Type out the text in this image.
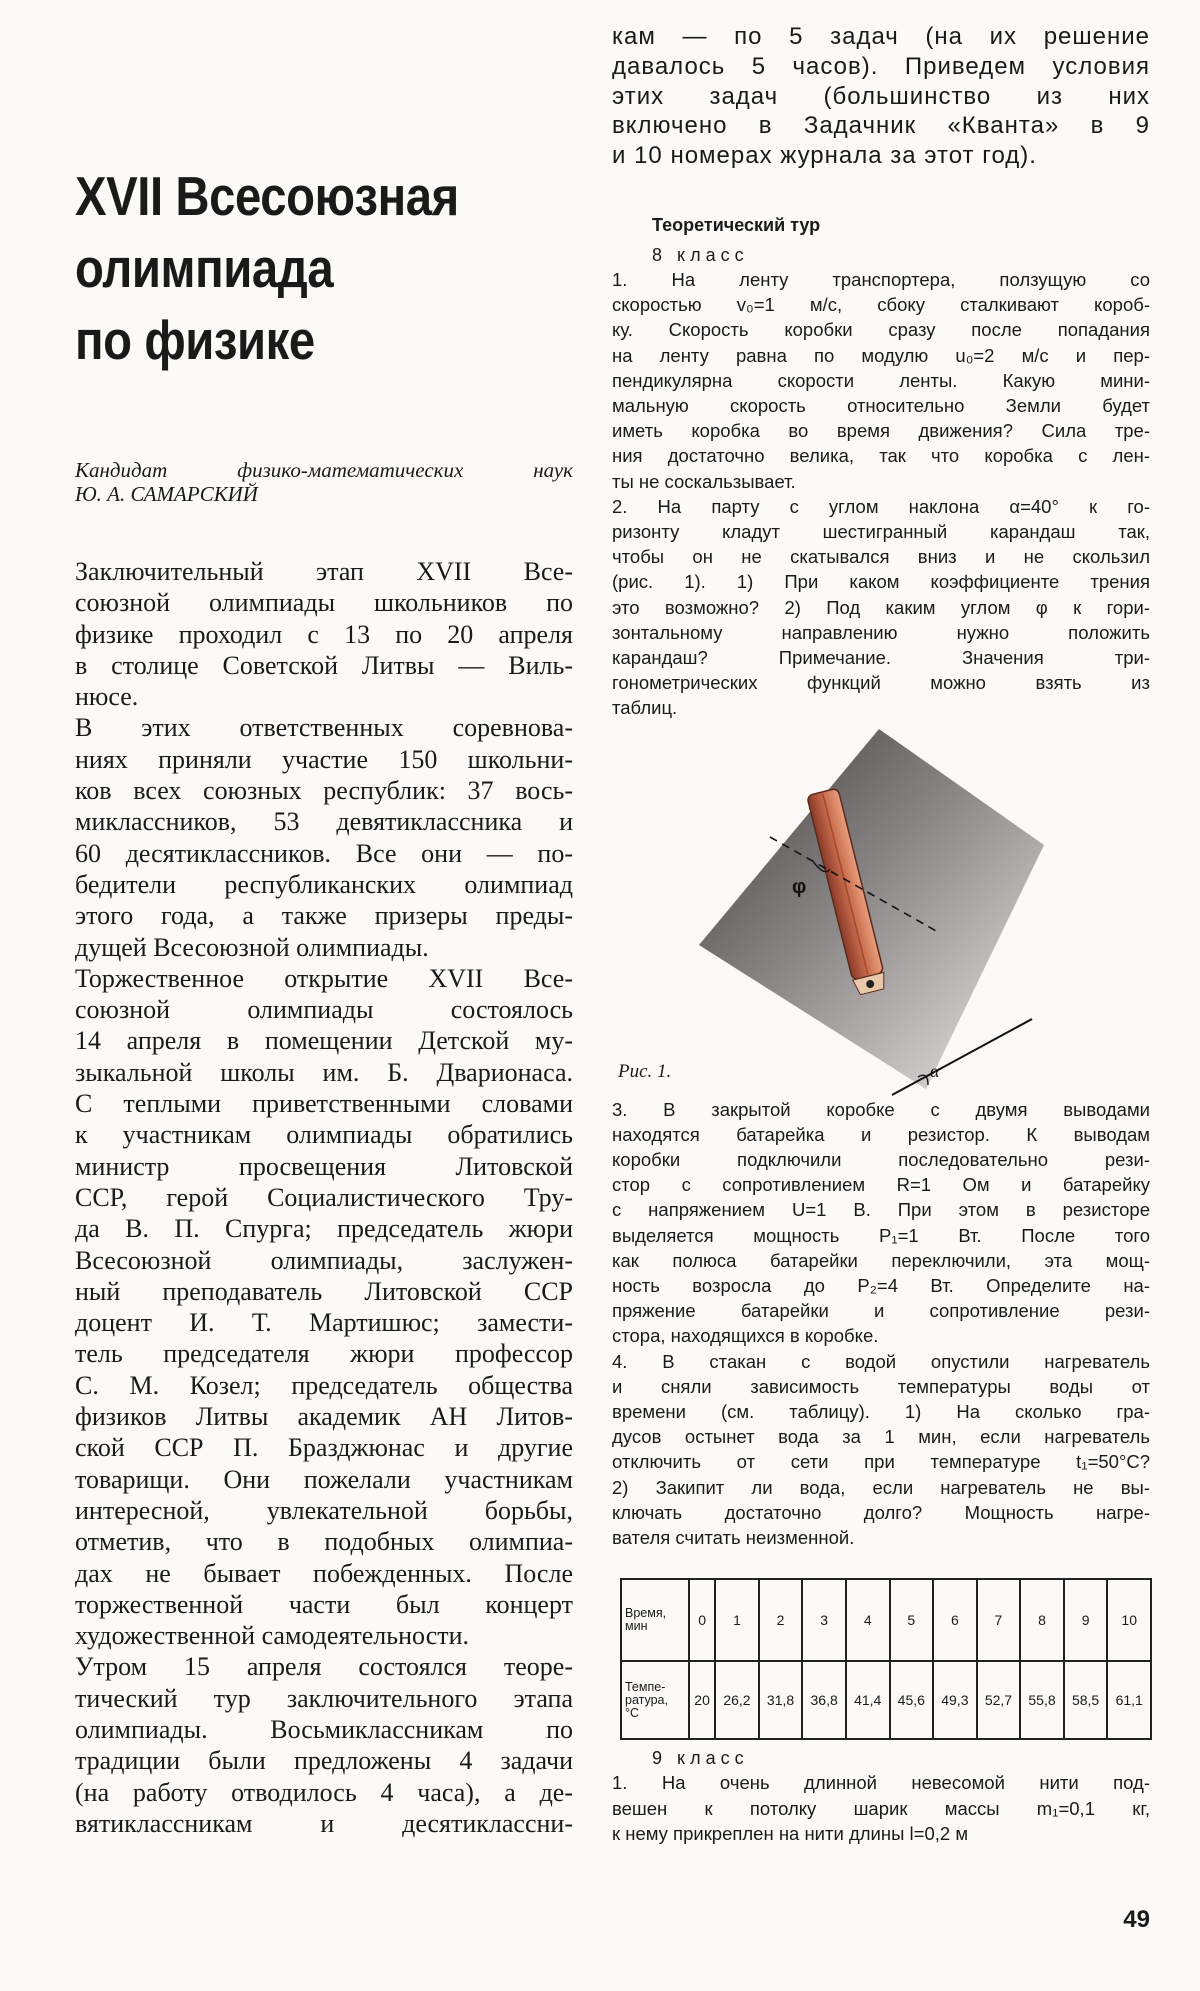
XVII Всесоюзная
олимпиада
по физике
Кандидат физико-математических наук
Ю. А. САМАРСКИЙ

Заключительный этап XVII Все-
союзной олимпиады школьников по
физике проходил с 13 по 20 апреля
в столице Советской Литвы — Виль-
нюсе.

В этих ответственных соревнова-
ниях приняли участие 150 школьни-
ков всех союзных республик: 37 вось-
миклассников, 53 девятиклассника и
60 десятиклассников. Все они — по-
бедители республиканских олимпиад
этого года, а также призеры преды-
дущей Всесоюзной олимпиады.

Торжественное открытие XVII Все-
союзной олимпиады состоялось
14 апреля в помещении Детской му-
зыкальной школы им. Б. Дварионаса.
С теплыми приветственными словами
к участникам олимпиады обратились
министр просвещения Литовской
ССР, герой Социалистического Тру-
да В. П. Спурга; председатель жюри
Всесоюзной олимпиады, заслужен-
ный преподаватель Литовской ССР
доцент И. Т. Мартишюс; замести-
тель председателя жюри профессор
С. М. Козел; председатель общества
физиков Литвы академик АН Литов-
ской ССР П. Бразджюнас и другие
товарищи. Они пожелали участникам
интересной, увлекательной борьбы,
отметив, что в подобных олимпиа-
дах не бывает побежденных. После
торжественной части был концерт
художественной самодеятельности.

Утром 15 апреля состоялся теоре-
тический тур заключительного этапа
олимпиады. Восьмиклассникам по
традиции были предложены 4 задачи
(на работу отводилось 4 часа), а де-
вятиклассникам и десятиклассни-

кам — по 5 задач (на их решение
давалось 5 часов). Приведем условия
этих задач (большинство из них
включено в Задачник «Кванта» в 9
и 10 номерах журнала за этот год).
Теоретический тур
8 класс
1. На ленту транспортера, ползущую со
скоростью v₀=1 м/с, сбоку сталкивают короб-
ку. Скорость коробки сразу после попадания
на ленту равна по модулю u₀=2 м/с и пер-
пендикулярна скорости ленты. Какую мини-
мальную скорость относительно Земли будет
иметь коробка во время движения? Сила тре-
ния достаточно велика, так что коробка с лен-
ты не соскальзывает.
2. На парту с углом наклона α=40° к го-
ризонту кладут шестигранный карандаш так,
чтобы он не скатывался вниз и не скользил
(рис. 1). 1) При каком коэффициенте трения
это возможно? 2) Под каким углом φ к гори-
зонтальному направлению нужно положить
карандаш? Примечание. Значения три-
гонометрических функций можно взять из
таблиц.
φ
α
Рис. 1.
3. В закрытой коробке с двумя выводами
находятся батарейка и резистор. К выводам
коробки подключили последовательно рези-
стор с сопротивлением R=1 Ом и батарейку
с напряжением U=1 В. При этом в резисторе
выделяется мощность P₁=1 Вт. После того
как полюса батарейки переключили, эта мощ-
ность возросла до P₂=4 Вт. Определите на-
пряжение батарейки и сопротивление рези-
стора, находящихся в коробке.
4. В стакан с водой опустили нагреватель
и сняли зависимость температуры воды от
времени (см. таблицу). 1) На сколько гра-
дусов остынет вода за 1 мин, если нагреватель
отключить от сети при температуре t₁=50°С?
2) Закипит ли вода, если нагреватель не вы-
ключать достаточно долго? Мощность нагре-
вателя считать неизменной.
Время, мин	0	1	2	3	4	5	6	7	8	9	10
Темпе-ратура, °С	20	26,2	31,8	36,8	41,4	45,6	49,3	52,7	55,8	58,5	61,1
9 класс
1. На очень длинной невесомой нити под-
вешен к потолку шарик массы m₁=0,1 кг,
к нему прикреплен на нити длины l=0,2 м
49
